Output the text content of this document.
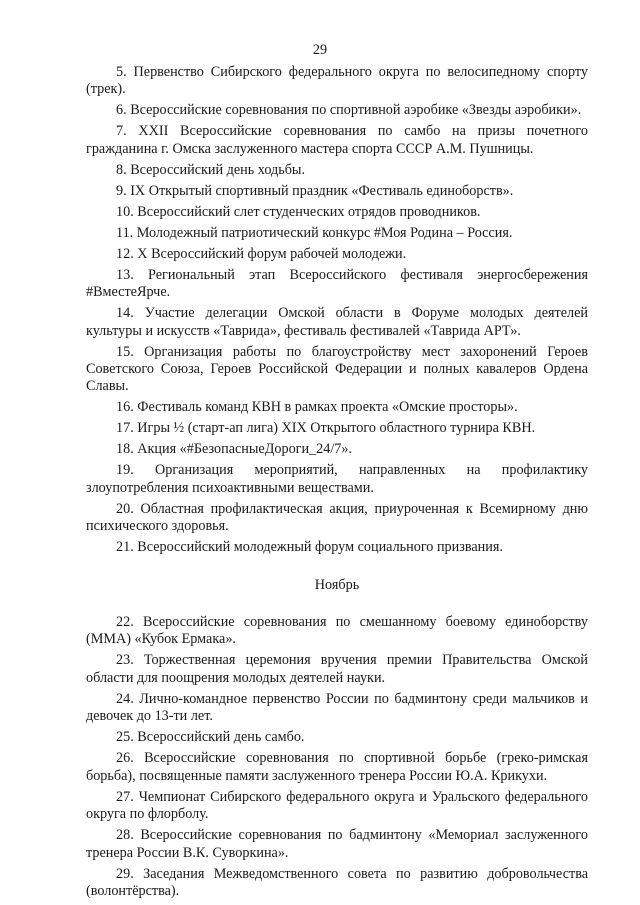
29

5. Первенство Сибирского федерального округа по велосипедному спорту (трек).

6. Всероссийские соревнования по спортивной аэробике «Звезды аэробики».

7. XXII Всероссийские соревнования по самбо на призы почетного гражданина г. Омска заслуженного мастера спорта СССР А.М. Пушницы.

8. Всероссийский день ходьбы.

9. IX Открытый спортивный праздник «Фестиваль единоборств».

10. Всероссийский слет студенческих отрядов проводников.

11. Молодежный патриотический конкурс #Моя Родина – Россия.

12. X Всероссийский форум рабочей молодежи.

13. Региональный этап Всероссийского фестиваля энергосбережения #ВместеЯрче.

14. Участие делегации Омской области в Форуме молодых деятелей культуры и искусств «Таврида», фестиваль фестивалей «Таврида АРТ».

15. Организация работы по благоустройству мест захоронений Героев Советского Союза, Героев Российской Федерации и полных кавалеров Ордена Славы.

16. Фестиваль команд КВН в рамках проекта «Омские просторы».

17. Игры ½ (старт-ап лига) XIX Открытого областного турнира КВН.

18. Акция «#БезопасныеДороги_24/7».

19. Организация мероприятий, направленных на профилактику злоупотребления психоактивными веществами.

20. Областная профилактическая акция, приуроченная к Всемирному дню психического здоровья.

21. Всероссийский молодежный форум социального призвания.

Ноябрь

22. Всероссийские соревнования по смешанному боевому единоборству (ММА) «Кубок Ермака».

23. Торжественная церемония вручения премии Правительства Омской области для поощрения молодых деятелей науки.

24. Лично-командное первенство России по бадминтону среди мальчиков и девочек до 13-ти лет.

25. Всероссийский день самбо.

26. Всероссийские соревнования по спортивной борьбе (греко-римская борьба), посвященные памяти заслуженного тренера России Ю.А. Крикухи.

27. Чемпионат Сибирского федерального округа и Уральского федерального округа по флорболу.

28. Всероссийские соревнования по бадминтону «Мемориал заслуженного тренера России В.К. Суворкина».

29. Заседания Межведомственного совета по развитию добровольчества (волонтёрства).
